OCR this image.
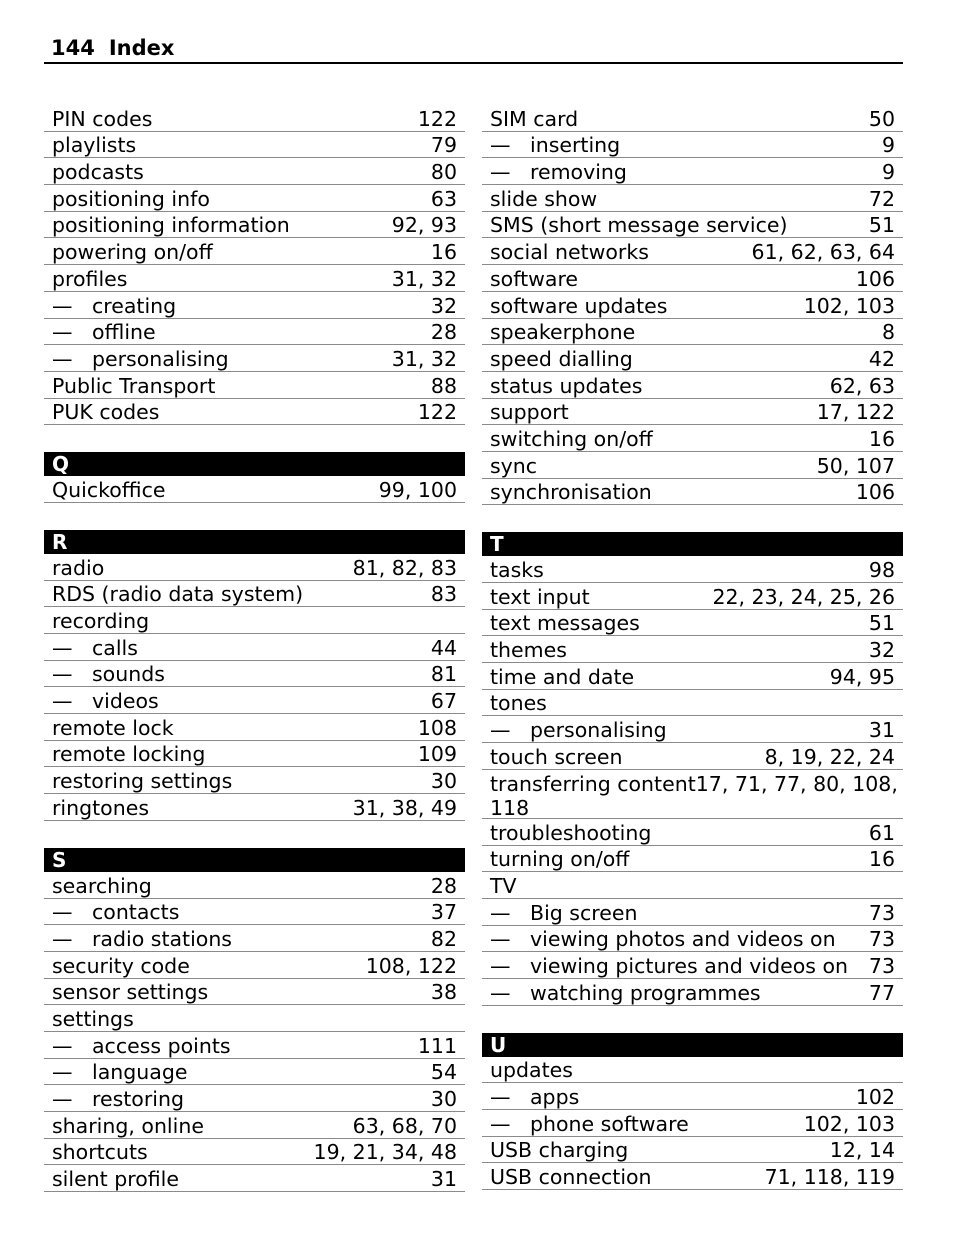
144 Index
PIN codes	122
playlists	79
podcasts	80
positioning info	63
positioning information	92, 93
powering on/off	16
profiles	31, 32
— creating	32
— offline	28
— personalising	31, 32
Public Transport	88
PUK codes	122
Q
Quickoffice	99, 100
R
radio	81, 82, 83
RDS (radio data system)	83
recording
— calls	44
— sounds	81
— videos	67
remote lock	108
remote locking	109
restoring settings	30
ringtones	31, 38, 49
S
searching	28
— contacts	37
— radio stations	82
security code	108, 122
sensor settings	38
settings
— access points	111
— language	54
— restoring	30
sharing, online	63, 68, 70
shortcuts	19, 21, 34, 48
silent profile	31
SIM card	50
— inserting	9
— removing	9
slide show	72
SMS (short message service)	51
social networks	61, 62, 63, 64
software	106
software updates	102, 103
speakerphone	8
speed dialling	42
status updates	62, 63
support	17, 122
switching on/off	16
sync	50, 107
synchronisation	106
T
tasks	98
text input	22, 23, 24, 25, 26
text messages	51
themes	32
time and date	94, 95
tones
— personalising	31
touch screen	8, 19, 22, 24
transferring content 17, 71, 77, 80, 108,
118
troubleshooting	61
turning on/off	16
TV
— Big screen	73
— viewing photos and videos on 73
— viewing pictures and videos on 73
— watching programmes	77
U
updates
— apps	102
— phone software	102, 103
USB charging	12, 14
USB connection	71, 118, 119
